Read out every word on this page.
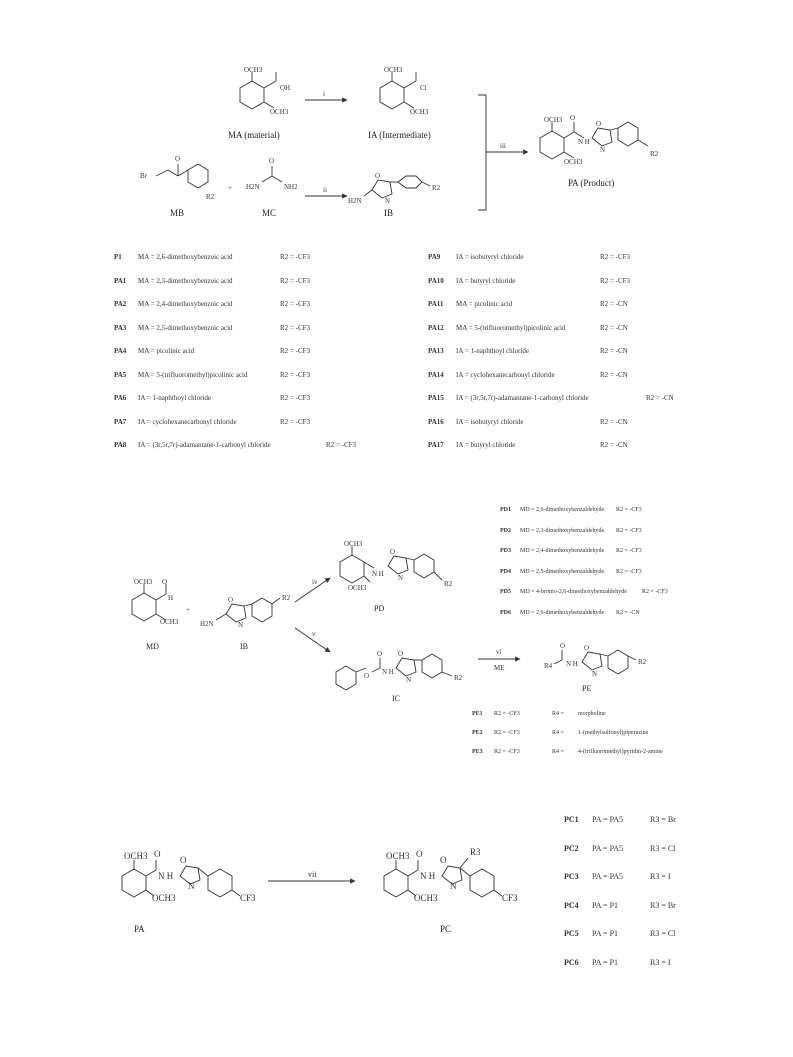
OCH3
OH
OCH3
MA (material)
i
OCH3
Cl
OCH3
IA (Intermediate)
Br
O
R2
MB
+
O
H2N	NH2
MC
ii
H2N
O
N
R2
IB
iii
OCH3 O
N H
O
N
OCH3
R2
PA (Product)
OCH3 O
H
OCH3
MD
+
H2N
O
N
R2
IB
iv
v
OCH3
N H
O
N
OCH3	R2
PD
O
O
N H
O
N	R2
IC
vi
ME
O
R4 N H
O
N
R2
PE
OCH3 O
N H
O
N
OCH3	CF3
PA
vii
OCH3 O
N H
O
N
OCH3	CF3
R3
PC
P1 MA = 2,6-dimethoxybenzoic acid	R2 = -CF3
PA1 MA = 2,3-dimethoxybenzoic acid	R2 = -CF3
PA2 MA = 2,4-dimethoxybenzoic acid	R2 = -CF3
PA3 MA = 2,5-dimethoxybenzoic acid	R2 = -CF3
PA4 MA = picolinic acid	R2 = -CF3
PA5 MA = 5-(trifluoromethyl)picolinic acid	R2 = -CF3
PA6 IA = 1-naphthoyl chloride	R2 = -CF3
PA7 IA = cyclohexanecarbonyl chloride	R2 = -CF3
PA8 IA = (3r,5r,7r)-adamantane-1-carbonyl chloride	R2 = -CF3
PA9 IA = isobutyryl chloride	R2 = -CF3
PA10 IA = butyryl chloride	R2 = -CF3
PA11 MA = picolinic acid	R2 = -CN
PA12 MA = 5-(trifluoromethyl)picolinic acid	R2 = -CN
PA13 IA = 1-naphthoyl chloride	R2 = -CN
PA14 IA = cyclohexanecarbonyl chloride	R2 = -CN
PA15 IA = (3r,5r,7r)-adamantane-1-carbonyl chloride	R2 = -CN
PA16 IA = isobutyryl chloride	R2 = -CN
PA17 IA = butyryl chloride	R2 = -CN
PD1 MD = 2,6-dimethoxybenzaldehyde R2 = -CF3
PD2 MD = 2,3-dimethoxybenzaldehyde R2 = -CF3
PD3 MD = 2,4-dimethoxybenzaldehyde R2 = -CF3
PD4 MD = 2,5-dimethoxybenzaldehyde R2 = -CF3
PD5 MD = 4-bromo-2,6-dimethoxybenzaldehyde	R2 = -CF3
PD6 MD = 2,6-dimethoxybenzaldehyde R2 = -CN
PE1 R2 = -CF3	R4 = morpholine
PE2 R2 = -CF3	R4 = 1-(methylsulfonyl)piperazine
PE3 R2 = -CF3	R4 = 4-(trifluoromethyl)pyridin-2-amine
PC1 PA = PA5	R3 = Br
PC2 PA = PA5	R3 = Cl
PC3 PA = PA5	R3 = I
PC4 PA = P1	R3 = Br
PC5 PA = P1	R3 = Cl
PC6 PA = P1	R3 = I
